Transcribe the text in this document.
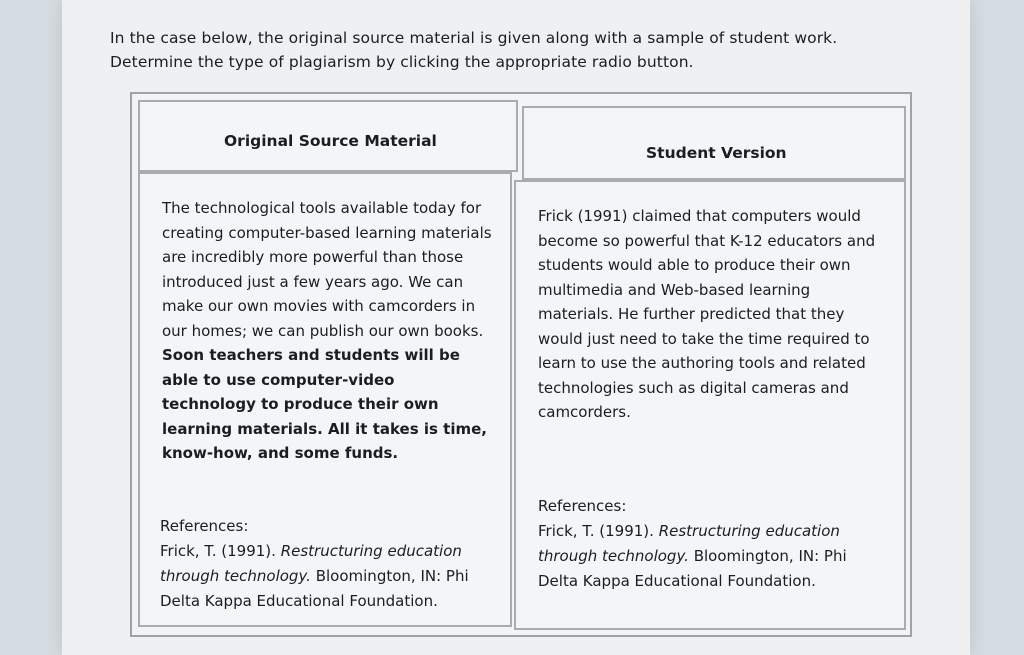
In the case below, the original source material is given along with a sample of student work.
Determine the type of plagiarism by clicking the appropriate radio button.
Original Source Material
Student Version
The technological tools available today for creating computer-based learning materials are incredibly more powerful than those introduced just a few years ago. We can make our own movies with camcorders in our homes; we can publish our own books. Soon teachers and students will be able to use computer-video technology to produce their own learning materials. All it takes is time, know-how, and some funds.
References:
Frick, T. (1991). Restructuring education through technology. Bloomington, IN: Phi Delta Kappa Educational Foundation.
Frick (1991) claimed that computers would become so powerful that K-12 educators and students would able to produce their own multimedia and Web-based learning materials. He further predicted that they would just need to take the time required to learn to use the authoring tools and related technologies such as digital cameras and camcorders.
References:
Frick, T. (1991). Restructuring education through technology. Bloomington, IN: Phi Delta Kappa Educational Foundation.
